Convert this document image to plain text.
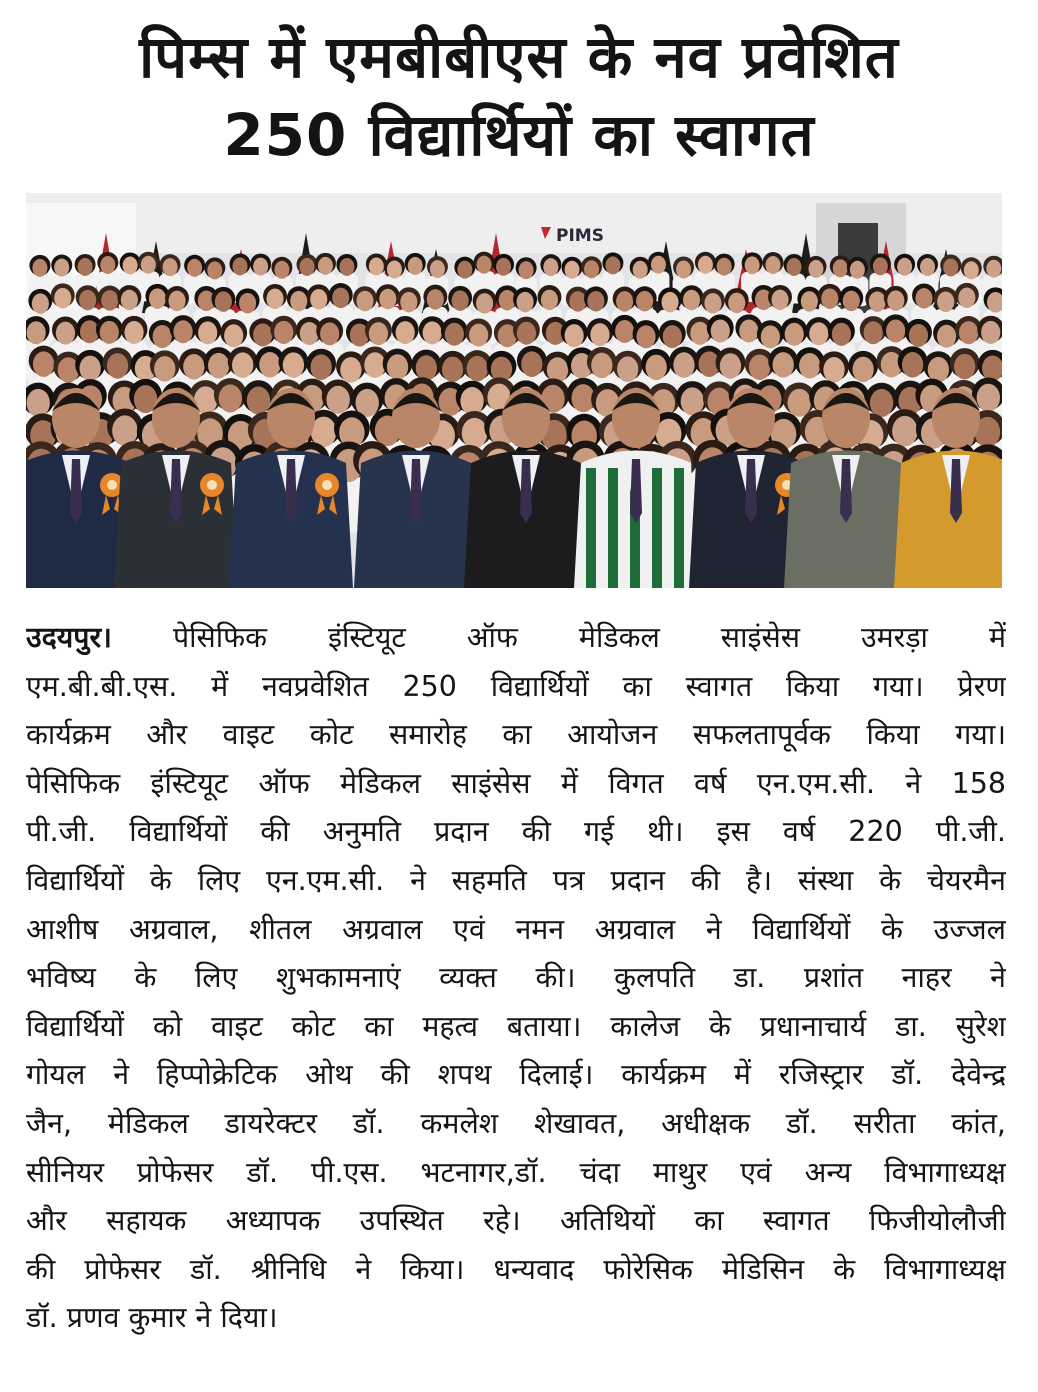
पिम्स में एमबीबीएस के नव प्रवेशित
250 विद्यार्थियों का स्वागत
PIMS
उदयपुर। पेसिफिक इंस्टियूट ऑफ मेडिकल साइंसेस उमरड़ा में
एम.बी.बी.एस. में नवप्रवेशित 250 विद्यार्थियों का स्वागत किया गया। प्रेरण
कार्यक्रम और वाइट कोट समारोह का आयोजन सफलतापूर्वक किया गया।
पेसिफिक इंस्टियूट ऑफ मेडिकल साइंसेस में विगत वर्ष एन.एम.सी. ने 158
पी.जी. विद्यार्थियों की अनुमति प्रदान की गई थी। इस वर्ष 220 पी.जी.
विद्यार्थियों के लिए एन.एम.सी. ने सहमति पत्र प्रदान की है। संस्था के चेयरमैन
आशीष अग्रवाल, शीतल अग्रवाल एवं नमन अग्रवाल ने विद्यार्थियों के उज्जल
भविष्य के लिए शुभकामनाएं व्यक्त की। कुलपति डा. प्रशांत नाहर ने
विद्यार्थियों को वाइट कोट का महत्व बताया। कालेज के प्रधानाचार्य डा. सुरेश
गोयल ने हिप्पोक्रेटिक ओथ की शपथ दिलाई। कार्यक्रम में रजिस्ट्रार डॉ. देवेन्द्र
जैन, मेडिकल डायरेक्टर डॉ. कमलेश शेखावत, अधीक्षक डॉ. सरीता कांत,
सीनियर प्रोफेसर डॉ. पी.एस. भटनागर,डॉ. चंदा माथुर एवं अन्य विभागाध्यक्ष
और सहायक अध्यापक उपस्थित रहे। अतिथियों का स्वागत फिजीयोलौजी
की प्रोफेसर डॉ. श्रीनिधि ने किया। धन्यवाद फोरेसिक मेडिसिन के विभागाध्यक्ष
डॉ. प्रणव कुमार ने दिया।
